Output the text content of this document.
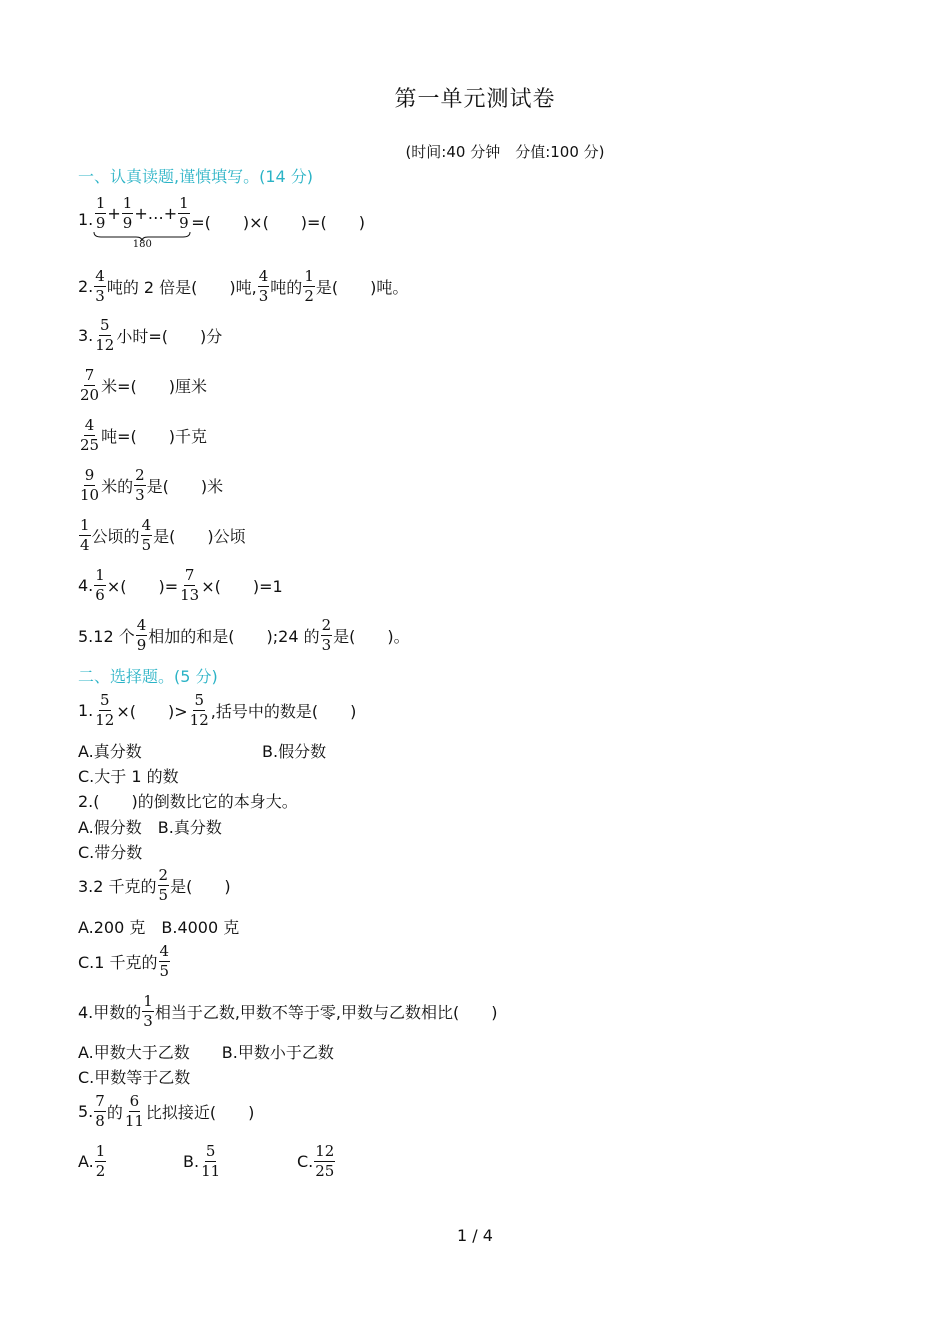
第一单元测试卷
(时间:40 分钟　分值:100 分)
一、认真读题,谨慎填写。(14 分)
1. $\frac{1}{9} + \frac{1}{9}$ +…+ $\frac{1}{9}$
180
=(　　)×(　　)=(　　)
2. $\frac{4}{3}$ 吨的 2 倍是(　　)吨, $\frac{4}{3}$ 吨的 $\frac{1}{2}$ 是(　　)吨。
3. $\frac{5}{12}$ 小时=(　　)分
$\frac{7}{20}$ 米=(　　)厘米
$\frac{4}{25}$ 吨=(　　)千克
$\frac{9}{10}$ 米的 $\frac{2}{3}$ 是(　　)米
$\frac{1}{4}$ 公顷的 $\frac{4}{5}$ 是(　　)公顷
4. $\frac{1}{6}$ ×(　　)= $\frac{7}{13}$ ×(　　)=1
5.12 个 $\frac{4}{9}$ 相加的和是(　　);24 的 $\frac{2}{3}$ 是(　　)。
二、选择题。(5 分)
1. $\frac{5}{12}$ ×(　　)> $\frac{5}{12}$ ,括号中的数是(　　)
A.真分数	B.假分数
C.大于 1 的数
2.(　　)的倒数比它的本身大。
A.假分数　B.真分数
C.带分数
3.2 千克的 $\frac{2}{5}$ 是(　　)
A.200 克　B.4000 克
C.1 千克的 $\frac{4}{5}$
4.甲数的 $\frac{1}{3}$ 相当于乙数,甲数不等于零,甲数与乙数相比(　　)
A.甲数大于乙数　　B.甲数小于乙数
C.甲数等于乙数
5. $\frac{7}{8}$ 的 $\frac{6}{11}$ 比拟接近(　　)
A. $\frac{1}{2}$	B. $\frac{5}{11}$	C. $\frac{12}{25}$
1 / 4
